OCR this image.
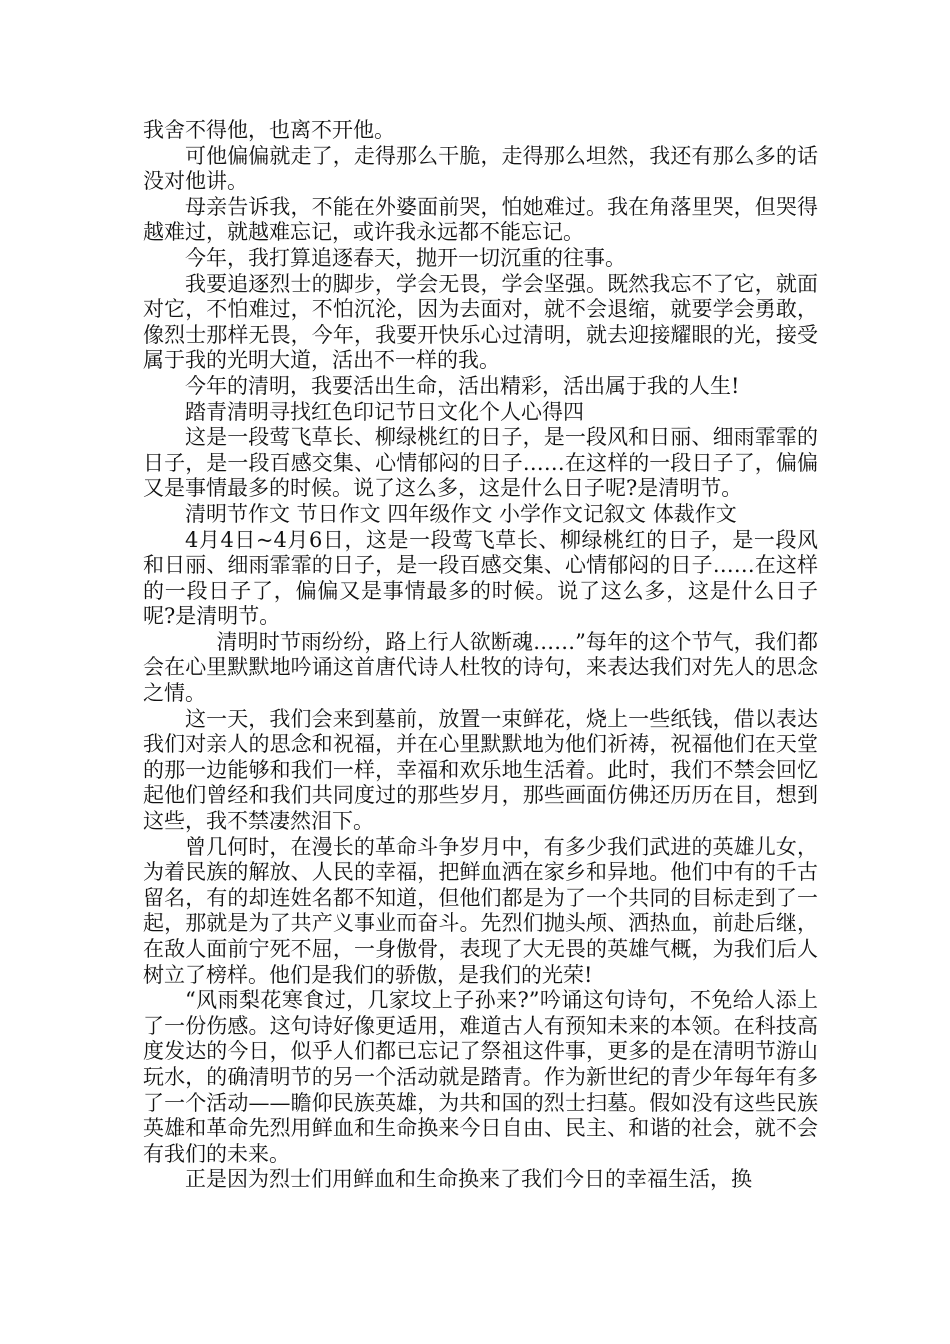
我舍不得他，也离不开他。

可他偏偏就走了，走得那么干脆，走得那么坦然，我还有那么多的话没对他讲。

母亲告诉我，不能在外婆面前哭，怕她难过。我在角落里哭，但哭得越难过，就越难忘记，或许我永远都不能忘记。

今年，我打算追逐春天，抛开一切沉重的往事。

我要追逐烈士的脚步，学会无畏，学会坚强。既然我忘不了它，就面对它，不怕难过，不怕沉沦，因为去面对，就不会退缩，就要学会勇敢，像烈士那样无畏，今年，我要开快乐心过清明，就去迎接耀眼的光，接受属于我的光明大道，活出不一样的我。

今年的清明，我要活出生命，活出精彩，活出属于我的人生!

踏青清明寻找红色印记节日文化个人心得四

这是一段莺飞草长、柳绿桃红的日子，是一段风和日丽、细雨霏霏的日子，是一段百感交集、心情郁闷的日子……在这样的一段日子了，偏偏又是事情最多的时候。说了这么多，这是什么日子呢?是清明节。

清明节作文 节日作文 四年级作文 小学作文记叙文 体裁作文

4月4日~4月6日，这是一段莺飞草长、柳绿桃红的日子，是一段风和日丽、细雨霏霏的日子，是一段百感交集、心情郁闷的日子……在这样的一段日子了，偏偏又是事情最多的时候。说了这么多，这是什么日子呢?是清明节。

清明时节雨纷纷，路上行人欲断魂……”每年的这个节气，我们都会在心里默默地吟诵这首唐代诗人杜牧的诗句，来表达我们对先人的思念之情。

这一天，我们会来到墓前，放置一束鲜花，烧上一些纸钱，借以表达我们对亲人的思念和祝福，并在心里默默地为他们祈祷，祝福他们在天堂的那一边能够和我们一样，幸福和欢乐地生活着。此时，我们不禁会回忆起他们曾经和我们共同度过的那些岁月，那些画面仿佛还历历在目，想到这些，我不禁凄然泪下。

曾几何时，在漫长的革命斗争岁月中，有多少我们武进的英雄儿女，为着民族的解放、人民的幸福，把鲜血洒在家乡和异地。他们中有的千古留名，有的却连姓名都不知道，但他们都是为了一个共同的目标走到了一起，那就是为了共产义事业而奋斗。先烈们抛头颅、洒热血，前赴后继，在敌人面前宁死不屈，一身傲骨，表现了大无畏的英雄气概，为我们后人树立了榜样。他们是我们的骄傲，是我们的光荣!

“风雨梨花寒食过，几家坟上子孙来?”吟诵这句诗句，不免给人添上了一份伤感。这句诗好像更适用，难道古人有预知未来的本领。在科技高度发达的今日，似乎人们都已忘记了祭祖这件事，更多的是在清明节游山玩水，的确清明节的另一个活动就是踏青。作为新世纪的青少年每年有多了一个活动——瞻仰民族英雄，为共和国的烈士扫墓。假如没有这些民族英雄和革命先烈用鲜血和生命换来今日自由、民主、和谐的社会，就不会有我们的未来。

正是因为烈士们用鲜血和生命换来了我们今日的幸福生活，换
